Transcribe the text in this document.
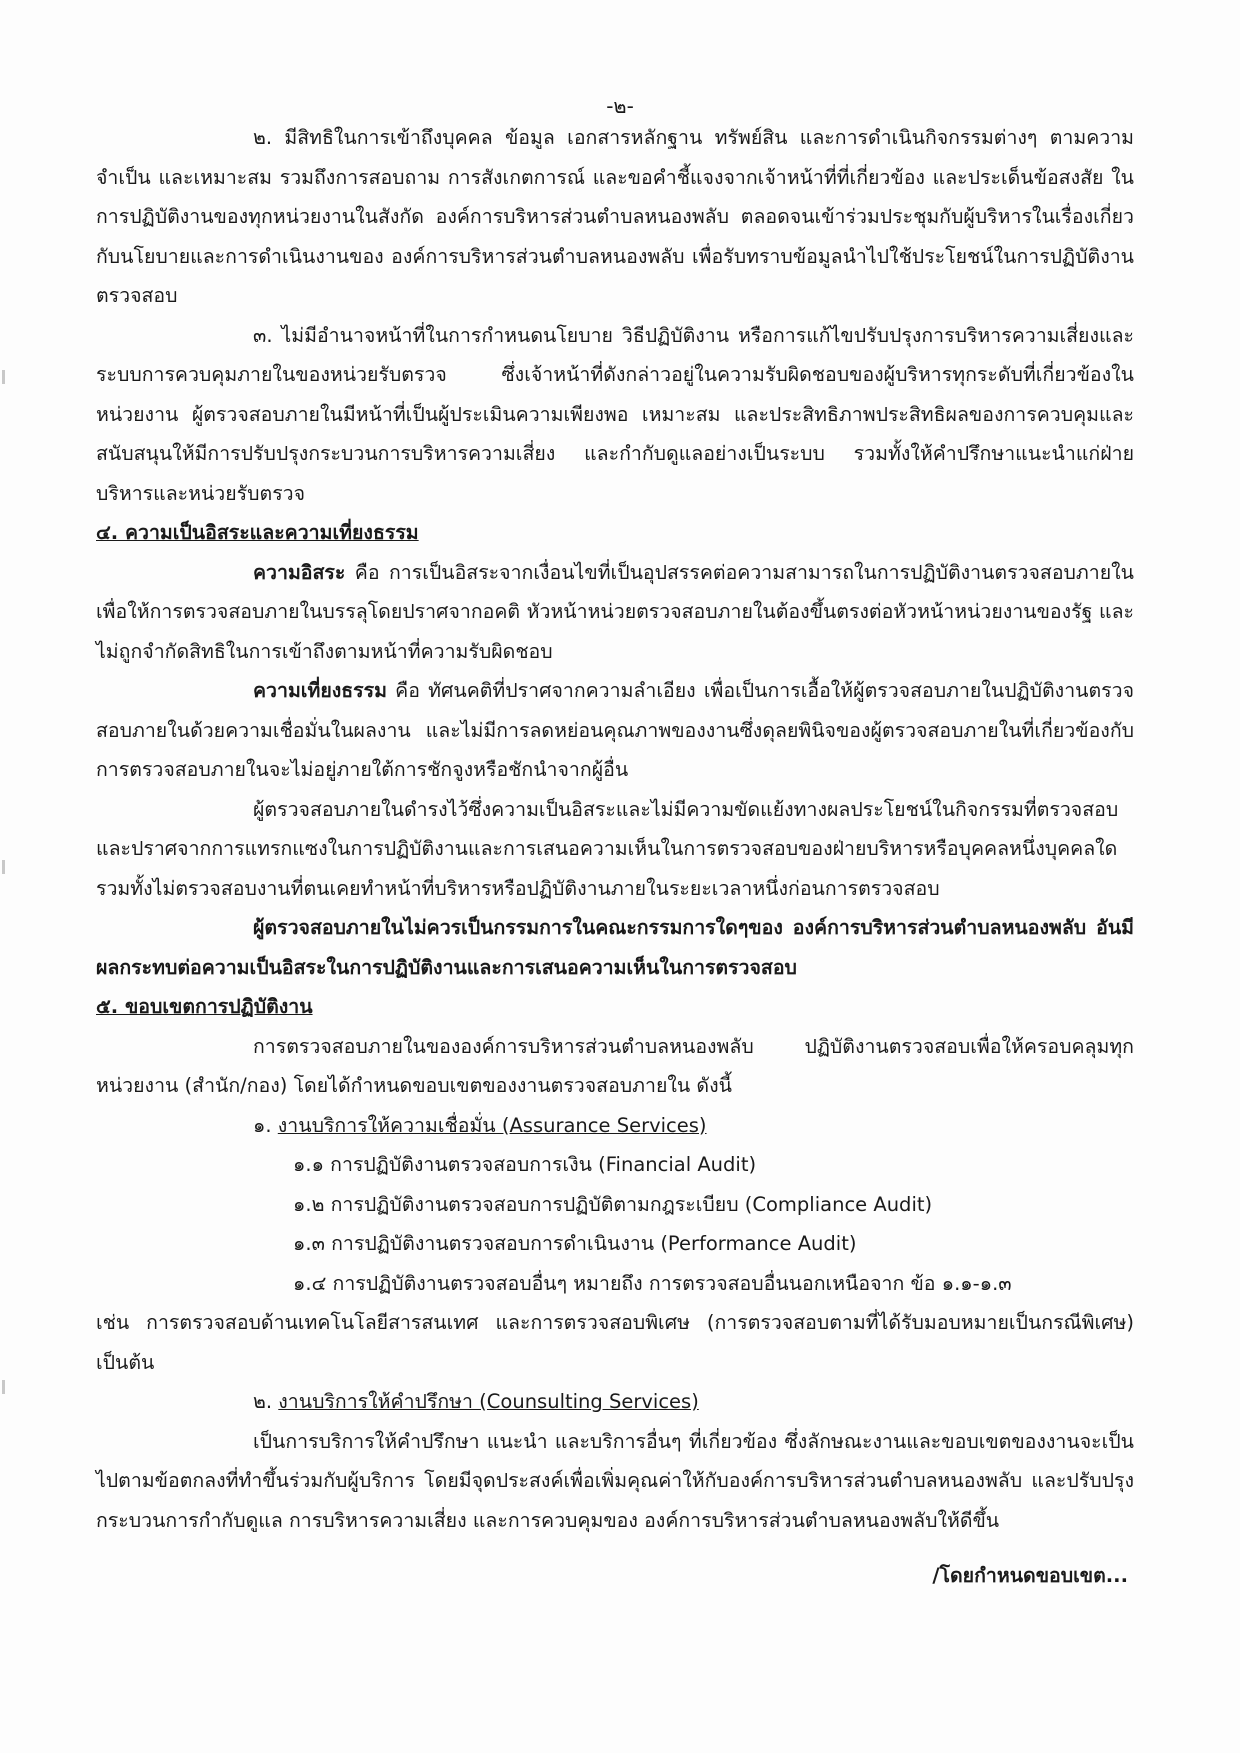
-๒-

๒. มีสิทธิในการเข้าถึงบุคคล ข้อมูล เอกสารหลักฐาน ทรัพย์สิน และการดำเนินกิจกรรมต่างๆ ตามความจำเป็น และเหมาะสม รวมถึงการสอบถาม การสังเกตการณ์ และขอคำชี้แจงจากเจ้าหน้าที่ที่เกี่ยวข้อง และประเด็นข้อสงสัย ในการปฏิบัติงานของทุกหน่วยงานในสังกัด องค์การบริหารส่วนตำบลหนองพลับ ตลอดจนเข้าร่วมประชุมกับผู้บริหารในเรื่องเกี่ยวกับนโยบายและการดำเนินงานของ องค์การบริหารส่วนตำบลหนองพลับ เพื่อรับทราบข้อมูลนำไปใช้ประโยชน์ในการปฏิบัติงานตรวจสอบ

๓. ไม่มีอำนาจหน้าที่ในการกำหนดนโยบาย วิธีปฏิบัติงาน หรือการแก้ไขปรับปรุงการบริหารความเสี่ยงและระบบการควบคุมภายในของหน่วยรับตรวจ ซึ่งเจ้าหน้าที่ดังกล่าวอยู่ในความรับผิดชอบของผู้บริหารทุกระดับที่เกี่ยวข้องในหน่วยงาน ผู้ตรวจสอบภายในมีหน้าที่เป็นผู้ประเมินความเพียงพอ เหมาะสม และประสิทธิภาพประสิทธิผลของการควบคุมและสนับสนุนให้มีการปรับปรุงกระบวนการบริหารความเสี่ยง และกำกับดูแลอย่างเป็นระบบ รวมทั้งให้คำปรึกษาแนะนำแก่ฝ่ายบริหารและหน่วยรับตรวจ

๔. ความเป็นอิสระและความเที่ยงธรรม

ความอิสระ คือ การเป็นอิสระจากเงื่อนไขที่เป็นอุปสรรคต่อความสามารถในการปฏิบัติงานตรวจสอบภายใน เพื่อให้การตรวจสอบภายในบรรลุโดยปราศจากอคติ หัวหน้าหน่วยตรวจสอบภายในต้องขึ้นตรงต่อหัวหน้าหน่วยงานของรัฐ และไม่ถูกจำกัดสิทธิในการเข้าถึงตามหน้าที่ความรับผิดชอบ

ความเที่ยงธรรม คือ ทัศนคติที่ปราศจากความลำเอียง เพื่อเป็นการเอื้อให้ผู้ตรวจสอบภายในปฏิบัติงานตรวจสอบภายในด้วยความเชื่อมั่นในผลงาน และไม่มีการลดหย่อนคุณภาพของงานซึ่งดุลยพินิจของผู้ตรวจสอบภายในที่เกี่ยวข้องกับการตรวจสอบภายในจะไม่อยู่ภายใต้การชักจูงหรือชักนำจากผู้อื่น

ผู้ตรวจสอบภายในดำรงไว้ซึ่งความเป็นอิสระและไม่มีความขัดแย้งทางผลประโยชน์ในกิจกรรมที่ตรวจสอบ และปราศจากการแทรกแซงในการปฏิบัติงานและการเสนอความเห็นในการตรวจสอบของฝ่ายบริหารหรือบุคคลหนึ่งบุคคลใด รวมทั้งไม่ตรวจสอบงานที่ตนเคยทำหน้าที่บริหารหรือปฏิบัติงานภายในระยะเวลาหนึ่งก่อนการตรวจสอบ

ผู้ตรวจสอบภายในไม่ควรเป็นกรรมการในคณะกรรมการใดๆของ องค์การบริหารส่วนตำบลหนองพลับ อันมีผลกระทบต่อความเป็นอิสระในการปฏิบัติงานและการเสนอความเห็นในการตรวจสอบ

๕. ขอบเขตการปฏิบัติงาน

การตรวจสอบภายในขององค์การบริหารส่วนตำบลหนองพลับ ปฏิบัติงานตรวจสอบเพื่อให้ครอบคลุมทุกหน่วยงาน (สำนัก/กอง) โดยได้กำหนดขอบเขตของงานตรวจสอบภายใน ดังนี้

๑. งานบริการให้ความเชื่อมั่น (Assurance Services)

๑.๑ การปฏิบัติงานตรวจสอบการเงิน (Financial Audit)

๑.๒ การปฏิบัติงานตรวจสอบการปฏิบัติตามกฎระเบียบ (Compliance Audit)

๑.๓ การปฏิบัติงานตรวจสอบการดำเนินงาน (Performance Audit)

๑.๔ การปฏิบัติงานตรวจสอบอื่นๆ หมายถึง การตรวจสอบอื่นนอกเหนือจาก ข้อ ๑.๑-๑.๓

เช่น การตรวจสอบด้านเทคโนโลยีสารสนเทศ และการตรวจสอบพิเศษ (การตรวจสอบตามที่ได้รับมอบหมายเป็นกรณีพิเศษ) เป็นต้น

๒. งานบริการให้คำปรึกษา (Counsulting Services)

เป็นการบริการให้คำปรึกษา แนะนำ และบริการอื่นๆ ที่เกี่ยวข้อง ซึ่งลักษณะงานและขอบเขตของงานจะเป็นไปตามข้อตกลงที่ทำขึ้นร่วมกับผู้บริการ โดยมีจุดประสงค์เพื่อเพิ่มคุณค่าให้กับองค์การบริหารส่วนตำบลหนองพลับ และปรับปรุงกระบวนการกำกับดูแล การบริหารความเสี่ยง และการควบคุมของ องค์การบริหารส่วนตำบลหนองพลับให้ดีขึ้น

/โดยกำหนดขอบเขต...
